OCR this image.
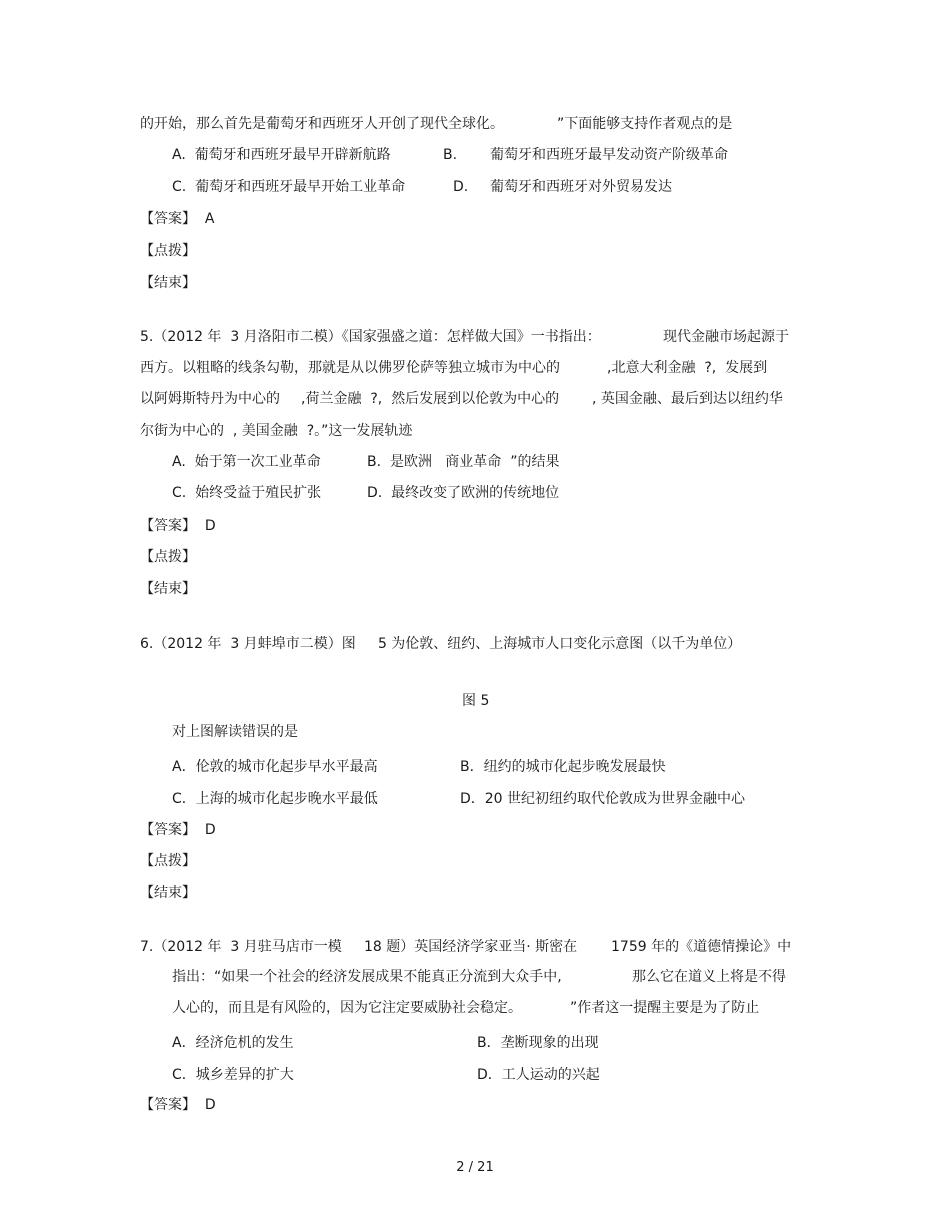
的开始，那么首先是葡萄牙和西班牙人开创了现代全球化。	”下面能够支持作者观点的是
A.  葡萄牙和西班牙最早开辟新航路	B. 葡萄牙和西班牙最早发动资产阶级革命
C.  葡萄牙和西班牙最早开始工业革命	D. 葡萄牙和西班牙对外贸易发达
【答案】  A
【点拨】
【结束】
5.（2012 年  3 月洛阳市二模）《国家强盛之道：怎样做大国》一书指出：	现代金融市场起源于
西方。以粗略的线条勾勒，那就是从以佛罗伦萨等独立城市为中心的	,北意大利金融  ?,  发展到
以阿姆斯特丹为中心的 ,荷兰金融  ?,  然后发展到以伦敦为中心的 , 英国金融、最后到达以纽约华
尔街为中心的  , 美国金融  ?。”这一发展轨迹
A.  始于第一次工业革命	B.  是欧洲   商业革命  ”的结果
C.  始终受益于殖民扩张	D.  最终改变了欧洲的传统地位
【答案】  D
【点拨】
【结束】
6.（2012 年  3 月蚌埠市二模）图     5 为伦敦、纽约、上海城市人口变化示意图（以千为单位）
图 5
对上图解读错误的是
A．伦敦的城市化起步早水平最高	B．纽约的城市化起步晚发展最快
C．上海的城市化起步晚水平最低	D．20 世纪初纽约取代伦敦成为世界金融中心
【答案】  D
【点拨】
【结束】
7.（2012 年  3 月驻马店市一模     18 题）英国经济学家亚当· 斯密在 1759 年的《道德情操论》中
指出：“如果一个社会的经济发展成果不能真正分流到大众手中,	那么它在道义上将是不得
人心的，而且是有风险的，因为它注定要威胁社会稳定。	”作者这一提醒主要是为了防止
A．经济危机的发生	B．垄断现象的出现
C．城乡差异的扩大	D．工人运动的兴起
【答案】  D
2 / 21
